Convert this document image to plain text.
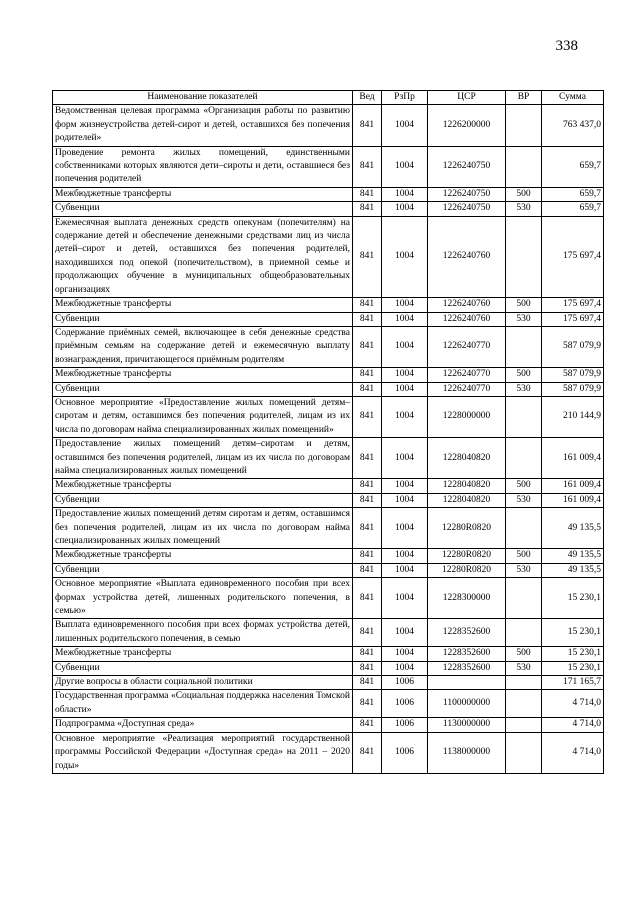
338
Наименование показателей	Вед	РзПр	ЦСР	ВР	Сумма
Ведомственная целевая программа «Организация работы по развитию форм жизнеустройства детей-сирот и детей, оставшихся без попечения родителей»	841	1004	1226200000		763 437,0
Проведение ремонта жилых помещений, единственными собственниками которых являются дети–сироты и дети, оставшиеся без попечения родителей	841	1004	1226240750		659,7
Межбюджетные трансферты	841	1004	1226240750	500	659,7
Субвенции	841	1004	1226240750	530	659,7
Ежемесячная выплата денежных средств опекунам (попечителям) на содержание детей и обеспечение денежными средствами лиц из числа детей–сирот и детей, оставшихся без попечения родителей, находившихся под опекой (попечительством), в приемной семье и продолжающих обучение в муниципальных общеобразовательных организациях	841	1004	1226240760		175 697,4
Межбюджетные трансферты	841	1004	1226240760	500	175 697,4
Субвенции	841	1004	1226240760	530	175 697,4
Содержание приёмных семей, включающее в себя денежные средства приёмным семьям на содержание детей и ежемесячную выплату вознаграждения, причитающегося приёмным родителям	841	1004	1226240770		587 079,9
Межбюджетные трансферты	841	1004	1226240770	500	587 079,9
Субвенции	841	1004	1226240770	530	587 079,9
Основное мероприятие «Предоставление жилых помещений детям–сиротам и детям, оставшимся без попечения родителей, лицам из их числа по договорам найма специализированных жилых помещений»	841	1004	1228000000		210 144,9
Предоставление жилых помещений детям–сиротам и детям, оставшимся без попечения родителей, лицам из их числа по договорам найма специализированных жилых помещений	841	1004	1228040820		161 009,4
Межбюджетные трансферты	841	1004	1228040820	500	161 009,4
Субвенции	841	1004	1228040820	530	161 009,4
Предоставление жилых помещений детям сиротам и детям, оставшимся без попечения родителей, лицам из их числа по договорам найма специализированных жилых помещений	841	1004	12280R0820		49 135,5
Межбюджетные трансферты	841	1004	12280R0820	500	49 135,5
Субвенции	841	1004	12280R0820	530	49 135,5
Основное мероприятие «Выплата единовременного пособия при всех формах устройства детей, лишенных родительского попечения, в семью»	841	1004	1228300000		15 230,1
Выплата единовременного пособия при всех формах устройства детей, лишенных родительского попечения, в семью	841	1004	1228352600		15 230,1
Межбюджетные трансферты	841	1004	1228352600	500	15 230,1
Субвенции	841	1004	1228352600	530	15 230,1
Другие вопросы в области социальной политики	841	1006			171 165,7
Государственная программа «Социальная поддержка населения Томской области»	841	1006	1100000000		4 714,0
Подпрограмма «Доступная среда»	841	1006	1130000000		4 714,0
Основное мероприятие «Реализация мероприятий государственной программы Российской Федерации «Доступная среда» на 2011 – 2020 годы»	841	1006	1138000000		4 714,0
